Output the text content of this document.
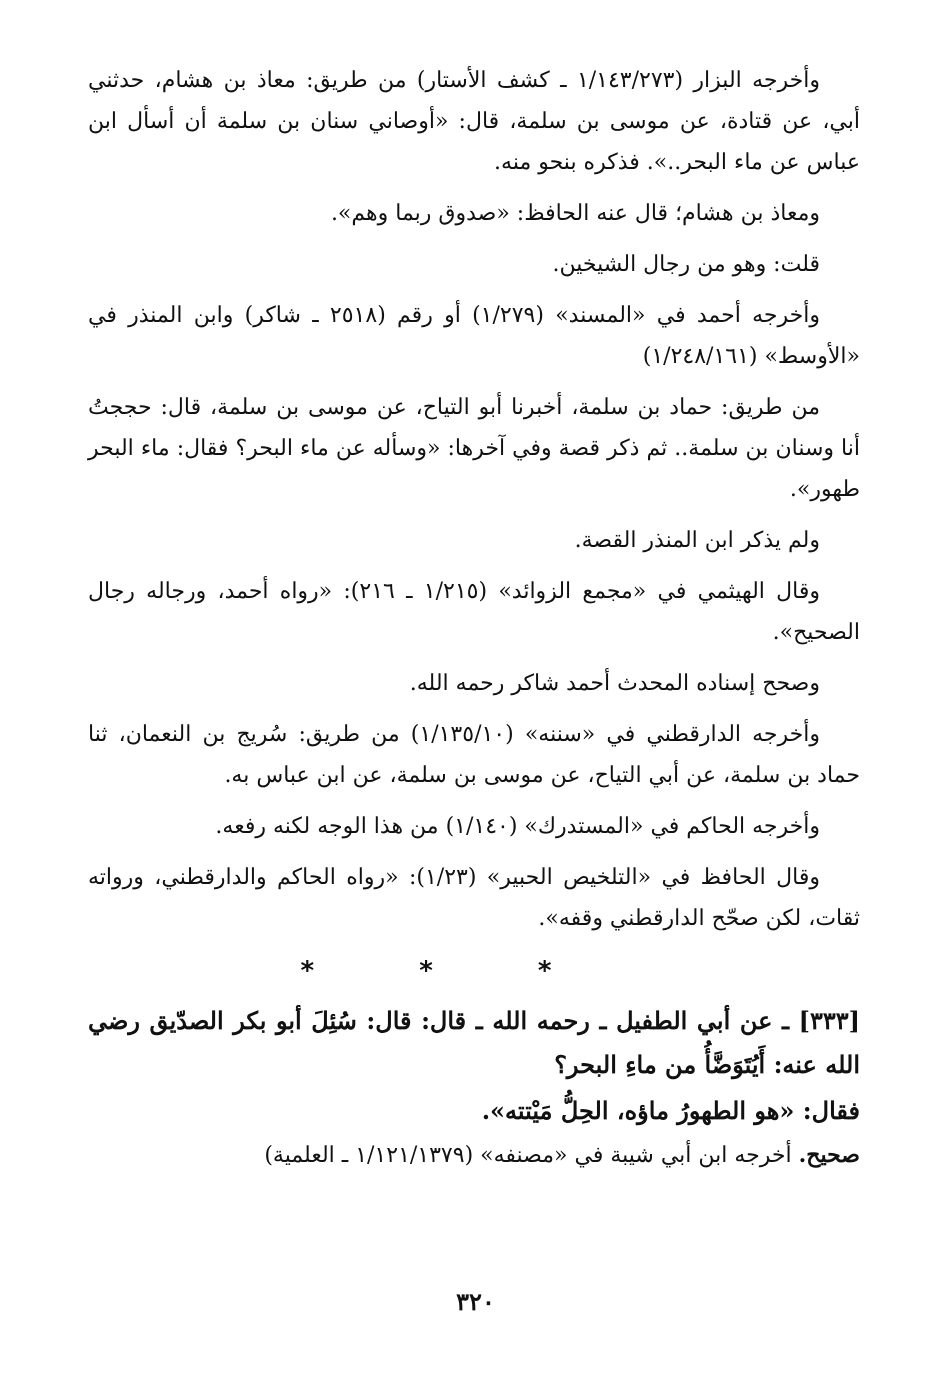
وأخرجه البزار (١/١٤٣/٢٧٣ ـ كشف الأستار) من طريق: معاذ بن هشام، حدثني أبي، عن قتادة، عن موسى بن سلمة، قال: «أوصاني سنان بن سلمة أن أسأل ابن عباس عن ماء البحر..». فذكره بنحو منه.

ومعاذ بن هشام؛ قال عنه الحافظ: «صدوق ربما وهم».

قلت: وهو من رجال الشيخين.

وأخرجه أحمد في «المسند» (١/٢٧٩) أو رقم (٢٥١٨ ـ شاكر) وابن المنذر في «الأوسط» (١/٢٤٨/١٦١)

من طريق: حماد بن سلمة، أخبرنا أبو التياح، عن موسى بن سلمة، قال: حججتُ أنا وسنان بن سلمة.. ثم ذكر قصة وفي آخرها: «وسأله عن ماء البحر؟ فقال: ماء البحر طهور».

ولم يذكر ابن المنذر القصة.

وقال الهيثمي في «مجمع الزوائد» (١/٢١٥ ـ ٢١٦): «رواه أحمد، ورجاله رجال الصحيح».

وصحح إسناده المحدث أحمد شاكر رحمه الله.

وأخرجه الدارقطني في «سننه» (١/١٣٥/١٠) من طريق: سُريج بن النعمان، ثنا حماد بن سلمة، عن أبي التياح، عن موسى بن سلمة، عن ابن عباس به.

وأخرجه الحاكم في «المستدرك» (١/١٤٠) من هذا الوجه لكنه رفعه.

وقال الحافظ في «التلخيص الحبير» (١/٢٣): «رواه الحاكم والدارقطني، ورواته ثقات، لكن صحّح الدارقطني وقفه».

* * *

[٣٣٣] ـ عن أبي الطفيل ـ رحمه الله ـ قال: قال: سُئِلَ أبو بكر الصدّيق رضي الله عنه: أَيُتَوَضَّأُ من ماءِ البحر؟

فقال: «هو الطهورُ ماؤه، الحِلُّ مَيْتته».

صحيح. أخرجه ابن أبي شيبة في «مصنفه» (١/١٢١/١٣٧٩ ـ العلمية)

٣٢٠
